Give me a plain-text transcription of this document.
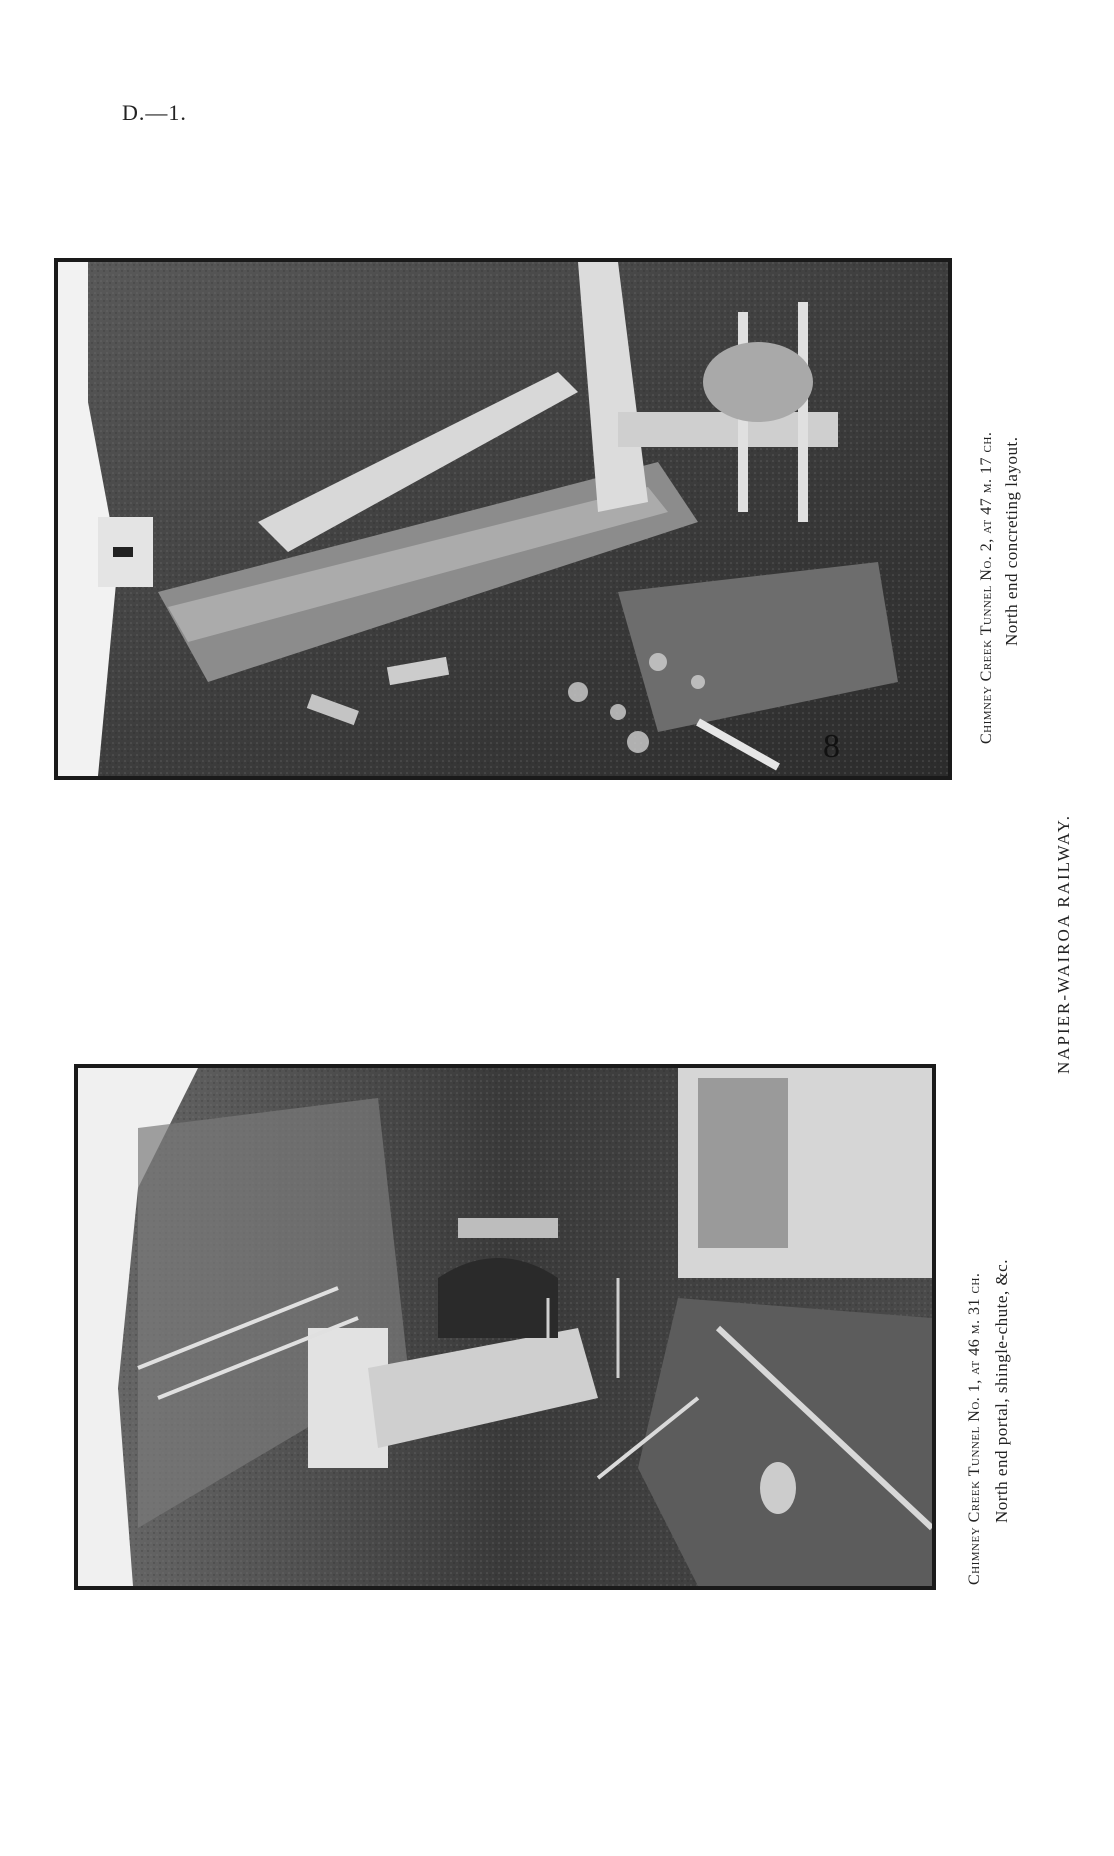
D.—1.
8
Chimney Creek Tunnel No. 2, at 47 m. 17 ch. North end concreting layout.
Chimney Creek Tunnel No. 1, at 46 m. 31 ch. North end portal, shingle-chute, &c.
NAPIER-WAIROA RAILWAY.
